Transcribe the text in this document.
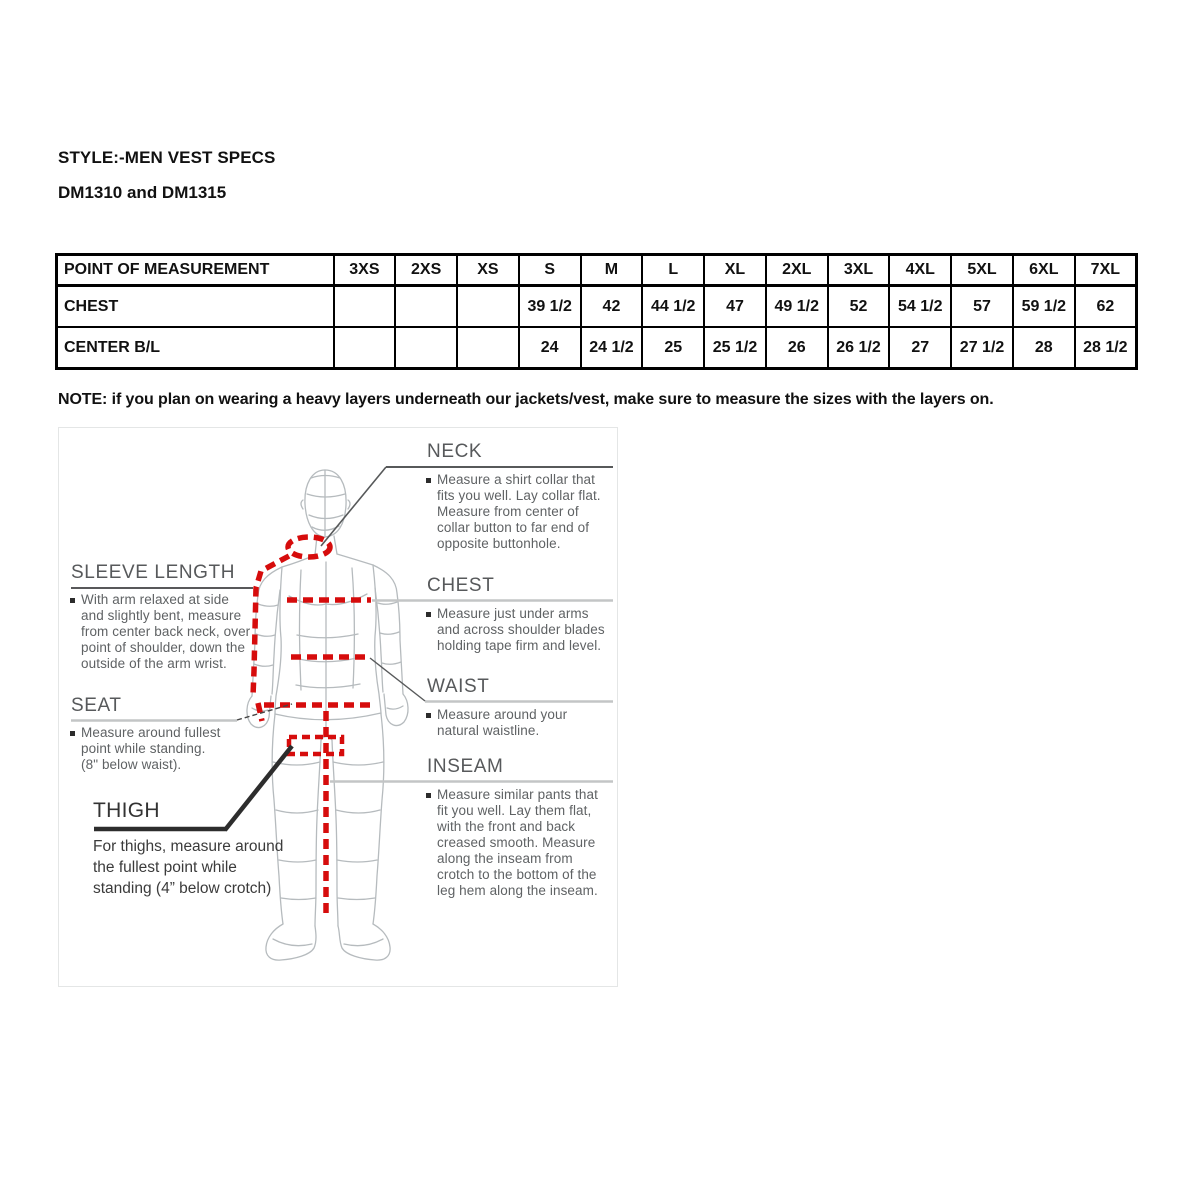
STYLE:-MEN VEST SPECS
DM1310 and DM1315
POINT OF MEASUREMENT	3XS	2XS	XS	S	M	L	XL	2XL	3XL	4XL	5XL	6XL	7XL
CHEST				39 1/2	42	44 1/2	47	49 1/2	52	54 1/2	57	59 1/2	62
CENTER B/L				24	24 1/2	25	25 1/2	26	26 1/2	27	27 1/2	28	28 1/2
NOTE: if you plan on wearing a heavy layers underneath our jackets/vest, make sure to measure the sizes with the layers on.
NECK
Measure a shirt collar that
fits you well. Lay collar flat.
Measure from center of
collar button to far end of
opposite buttonhole.
CHEST
Measure just under arms
and across shoulder blades
holding tape firm and level.
WAIST
Measure around your
natural waistline.
INSEAM
Measure similar pants that
fit you well. Lay them flat,
with the front and back
creased smooth. Measure
along the inseam from
crotch to the bottom of the
leg hem along the inseam.
SLEEVE LENGTH
With arm relaxed at side
and slightly bent, measure
from center back neck, over
point of shoulder, down the
outside of the arm wrist.
SEAT
Measure around fullest
point while standing.
(8" below waist).
THIGH
For thighs, measure around
the fullest point while
standing (4” below crotch)
